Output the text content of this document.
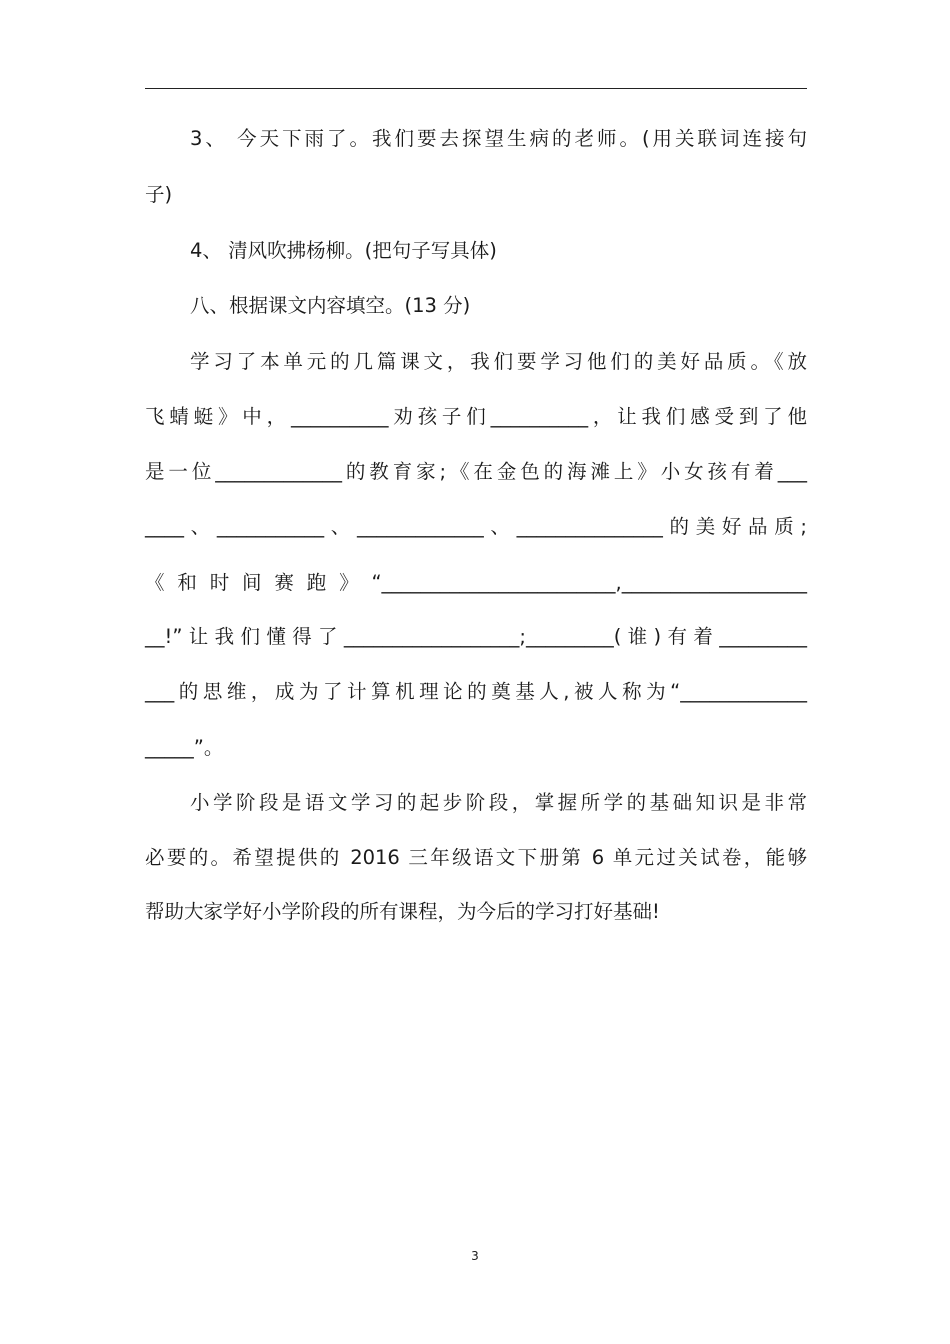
3、 今天下雨了。我们要去探望生病的老师。(用关联词连接句
子)
4、 清风吹拂杨柳。(把句子写具体)
八、根据课文内容填空。(13 分)
学习了本单元的几篇课文，我们要学习他们的美好品质。《放
飞蜻蜓》中，__________劝孩子们__________，让我们感受到了他
是一位_____________的教育家;《在金色的海滩上》小女孩有着___
____、___________、_____________、_______________的美好品质;
《和时间赛跑》“________________________,___________________
__!”让我们懂得了__________________;_________(谁)有着_________
___的思维，成为了计算机理论的奠基人,被人称为“_____________
_____”。
小学阶段是语文学习的起步阶段，掌握所学的基础知识是非常
必要的。希望提供的 2016 三年级语文下册第 6 单元过关试卷，能够
帮助大家学好小学阶段的所有课程，为今后的学习打好基础!
3
